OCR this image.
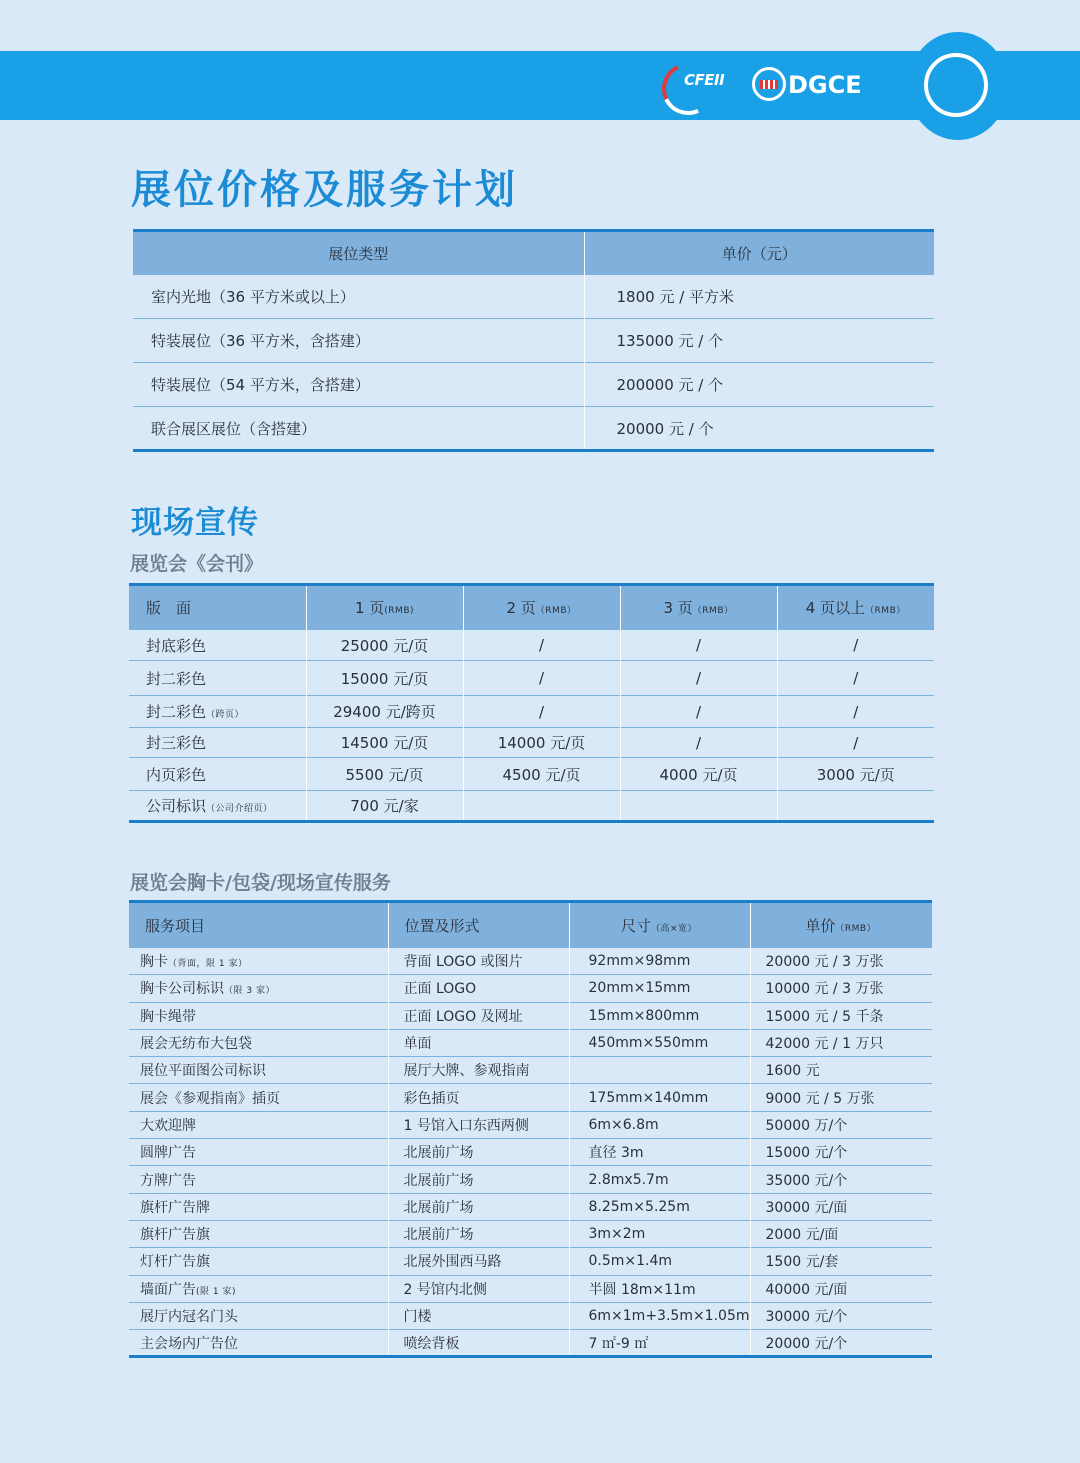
CFEII	DGCE
展位价格及服务计划
展位类型	单价（元）
室内光地（36 平方米或以上）	1800 元 / 平方米
特装展位（36 平方米，含搭建）	135000 元 / 个
特装展位（54 平方米，含搭建）	200000 元 / 个
联合展区展位（含搭建）	20000 元 / 个
现场宣传
展览会《会刊》
版　面	1 页(RMB)	2 页（RMB）	3 页（RMB）	4 页以上（RMB）
封底彩色	25000 元/页	/	/	/
封二彩色	15000 元/页	/	/	/
封二彩色（跨页）	29400 元/跨页	/	/	/
封三彩色	14500 元/页	14000 元/页	/	/
内页彩色	5500 元/页	4500 元/页	4000 元/页	3000 元/页
公司标识（公司介绍页）	700 元/家			
展览会胸卡/包袋/现场宣传服务
服务项目	位置及形式	尺寸（高×宽）	单价（RMB）
胸卡（背面，限 1 家）	背面 LOGO 或图片	92mm×98mm	20000 元 / 3 万张
胸卡公司标识（限 3 家）	正面 LOGO	20mm×15mm	10000 元 / 3 万张
胸卡绳带	正面 LOGO 及网址	15mm×800mm	15000 元 / 5 千条
展会无纺布大包袋	单面	450mm×550mm	42000 元 / 1 万只
展位平面图公司标识	展厅大牌、参观指南		1600 元
展会《参观指南》插页	彩色插页	175mm×140mm	9000 元 / 5 万张
大欢迎牌	1 号馆入口东西两侧	6m×6.8m	50000 万/个
圆牌广告	北展前广场	直径 3m	15000 元/个
方牌广告	北展前广场	2.8mx5.7m	35000 元/个
旗杆广告牌	北展前广场	8.25m×5.25m	30000 元/面
旗杆广告旗	北展前广场	3m×2m	2000 元/面
灯杆广告旗	北展外围西马路	0.5m×1.4m	1500 元/套
墙面广告(限 1 家)	2 号馆内北侧	半圆 18m×11m	40000 元/面
展厅内冠名门头	门楼	6m×1m+3.5m×1.05m	30000 元/个
主会场内广告位	喷绘背板	7 ㎡-9 ㎡	20000 元/个
